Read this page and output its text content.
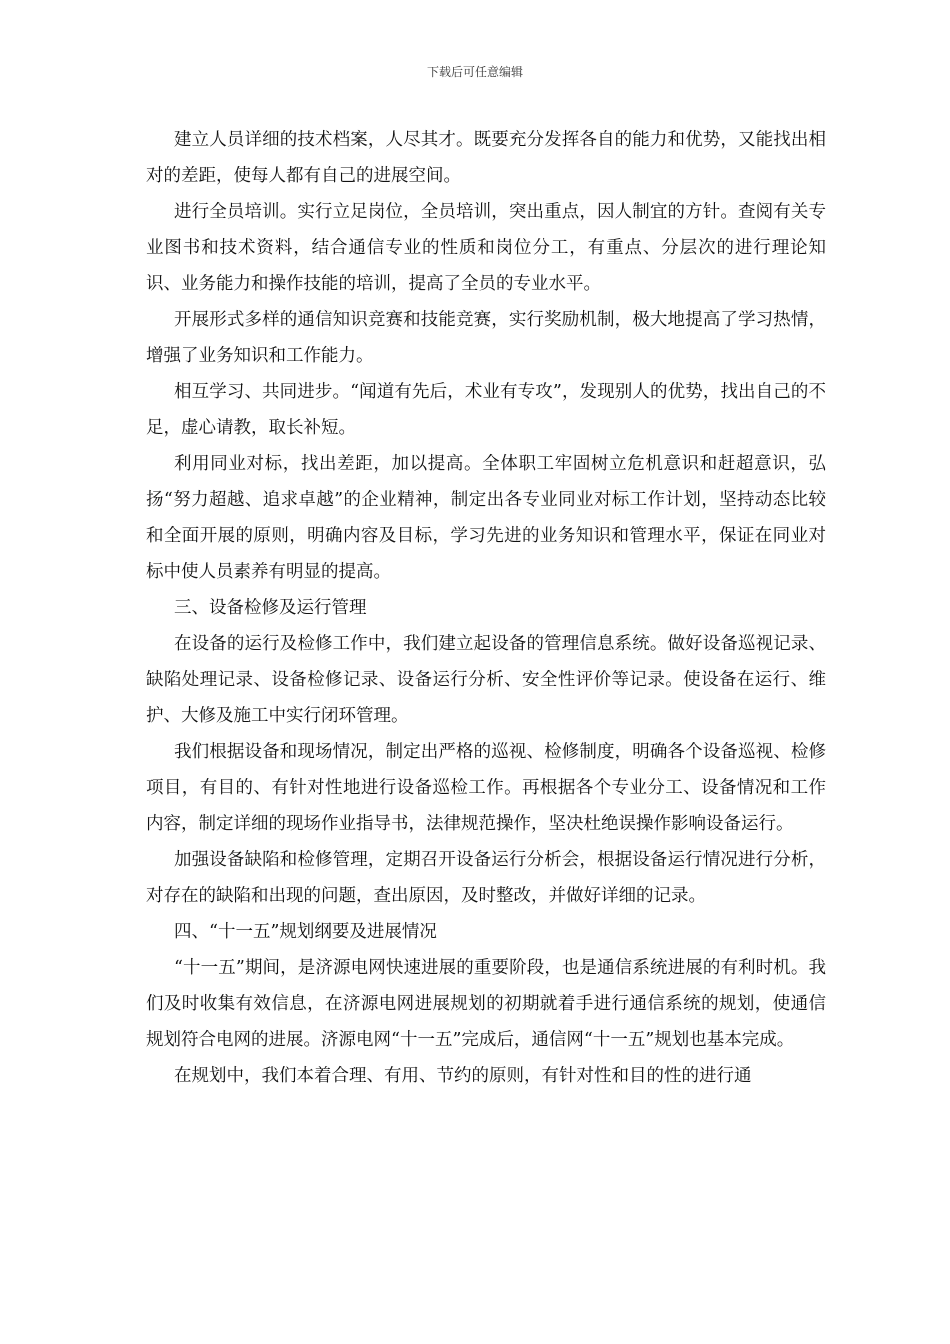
下载后可任意编辑

建立人员详细的技术档案，人尽其才。既要充分发挥各自的能力和优势，又能找出相对的差距，使每人都有自己的进展空间。

进行全员培训。实行立足岗位，全员培训，突出重点，因人制宜的方针。查阅有关专业图书和技术资料，结合通信专业的性质和岗位分工，有重点、分层次的进行理论知识、业务能力和操作技能的培训，提高了全员的专业水平。

开展形式多样的通信知识竞赛和技能竞赛，实行奖励机制，极大地提高了学习热情，增强了业务知识和工作能力。

相互学习、共同进步。“闻道有先后，术业有专攻”，发现别人的优势，找出自己的不足，虚心请教，取长补短。

利用同业对标，找出差距，加以提高。全体职工牢固树立危机意识和赶超意识，弘扬“努力超越、追求卓越”的企业精神，制定出各专业同业对标工作计划，坚持动态比较和全面开展的原则，明确内容及目标，学习先进的业务知识和管理水平，保证在同业对标中使人员素养有明显的提高。

三、设备检修及运行管理

在设备的运行及检修工作中，我们建立起设备的管理信息系统。做好设备巡视记录、缺陷处理记录、设备检修记录、设备运行分析、安全性评价等记录。使设备在运行、维护、大修及施工中实行闭环管理。

我们根据设备和现场情况，制定出严格的巡视、检修制度，明确各个设备巡视、检修项目，有目的、有针对性地进行设备巡检工作。再根据各个专业分工、设备情况和工作内容，制定详细的现场作业指导书，法律规范操作，坚决杜绝误操作影响设备运行。

加强设备缺陷和检修管理，定期召开设备运行分析会，根据设备运行情况进行分析，对存在的缺陷和出现的问题，查出原因，及时整改，并做好详细的记录。

四、“十一五”规划纲要及进展情况

“十一五”期间，是济源电网快速进展的重要阶段，也是通信系统进展的有利时机。我们及时收集有效信息，在济源电网进展规划的初期就着手进行通信系统的规划，使通信规划符合电网的进展。济源电网“十一五”完成后，通信网“十一五”规划也基本完成。

在规划中，我们本着合理、有用、节约的原则，有针对性和目的性的进行通
